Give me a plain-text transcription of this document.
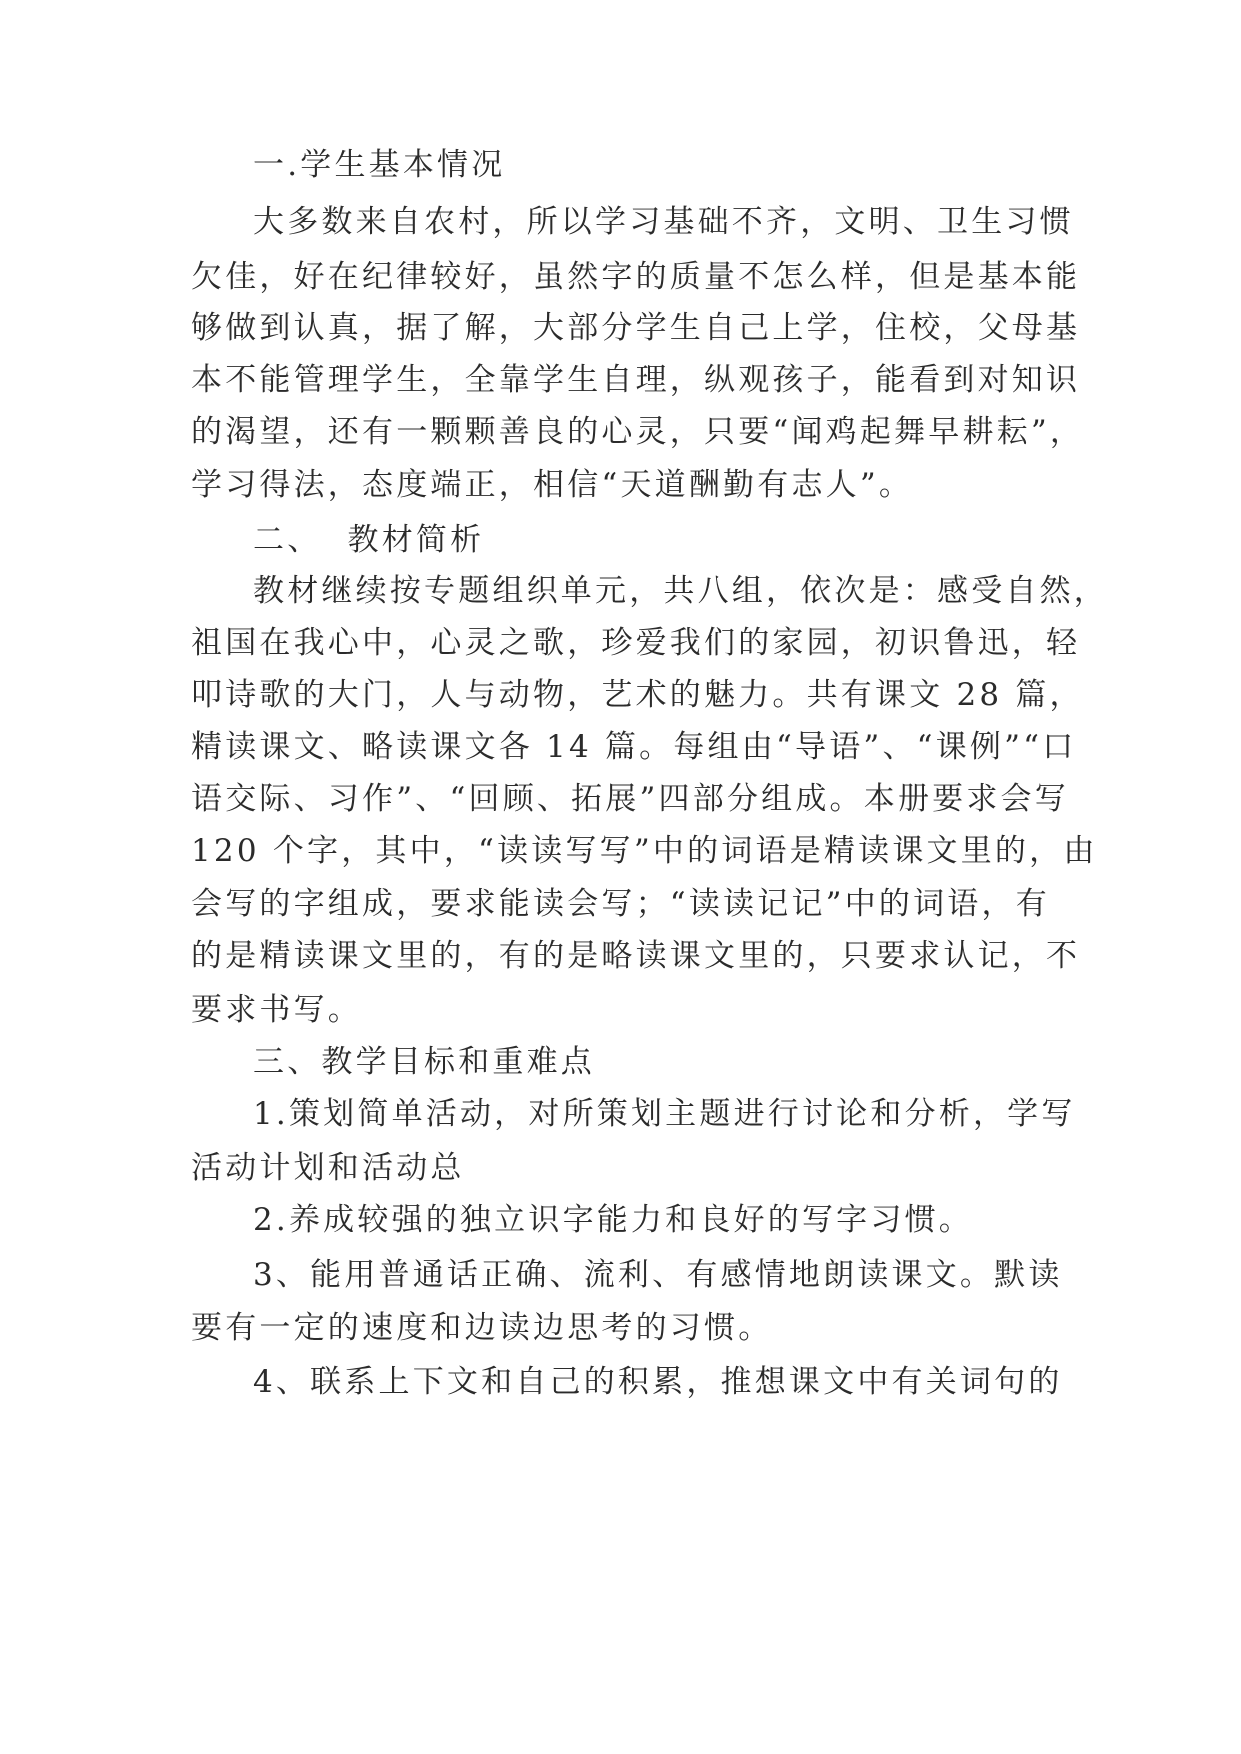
一.学生基本情况

大多数来自农村，所以学习基础不齐，文明、卫生习惯

欠佳，好在纪律较好，虽然字的质量不怎么样，但是基本能

够做到认真，据了解，大部分学生自己上学，住校，父母基

本不能管理学生，全靠学生自理，纵观孩子，能看到对知识

的渴望，还有一颗颗善良的心灵，只要“闻鸡起舞早耕耘”，

学习得法，态度端正，相信“天道酬勤有志人”。

二、  教材简析

教材继续按专题组织单元，共八组，依次是：感受自然，

祖国在我心中，心灵之歌，珍爱我们的家园，初识鲁迅，轻

叩诗歌的大门，人与动物，艺术的魅力。共有课文 28 篇，

精读课文、略读课文各 14 篇。每组由“导语”、“课例”“口

语交际、习作”、“回顾、拓展”四部分组成。本册要求会写

120 个字，其中，“读读写写”中的词语是精读课文里的，由

会写的字组成，要求能读会写；“读读记记”中的词语，有

的是精读课文里的，有的是略读课文里的，只要求认记，不

要求书写。

三、教学目标和重难点

1.策划简单活动，对所策划主题进行讨论和分析，学写

活动计划和活动总

2.养成较强的独立识字能力和良好的写字习惯。

3、能用普通话正确、流利、有感情地朗读课文。默读

要有一定的速度和边读边思考的习惯。

4、联系上下文和自己的积累，推想课文中有关词句的
